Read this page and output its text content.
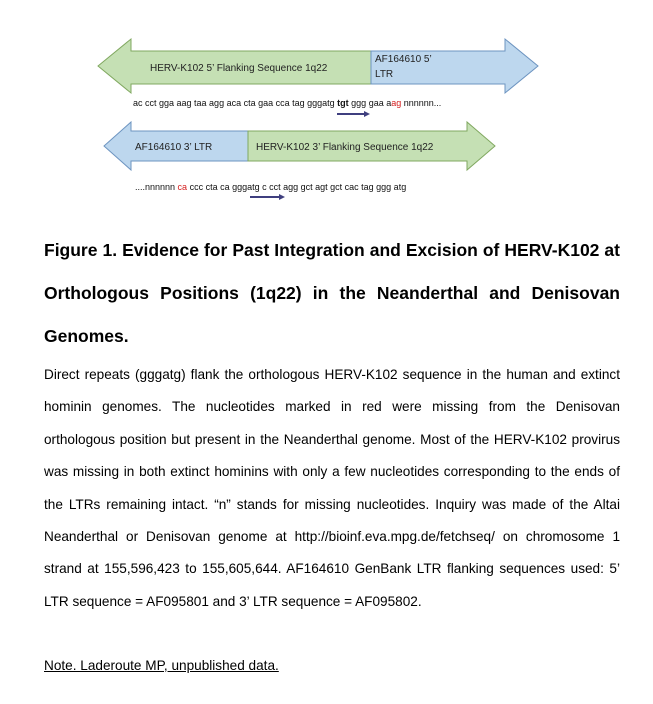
HERV-K102 5’ Flanking Sequence 1q22
AF164610 5’
LTR
ac cct gga aag taa agg aca cta gaa cca tag gggatg tgt ggg gaa aag nnnnnn...
AF164610 3’ LTR	HERV-K102 3’ Flanking Sequence 1q22
....nnnnnn ca ccc cta ca gggatg c cct agg gct agt gct cac tag ggg atg

Figure 1. Evidence for Past Integration and Excision of HERV-K102 at Orthologous Positions (1q22) in the Neanderthal and Denisovan Genomes.

Direct repeats (gggatg) flank the orthologous HERV-K102 sequence in the human and extinct hominin genomes. The nucleotides marked in red were missing from the Denisovan orthologous position but present in the Neanderthal genome. Most of the HERV-K102 provirus was missing in both extinct hominins with only a few nucleotides corresponding to the ends of the LTRs remaining intact. “n” stands for missing nucleotides. Inquiry was made of the Altai Neanderthal or Denisovan genome at http://bioinf.eva.mpg.de/fetchseq/ on chromosome 1 strand at 155,596,423 to 155,605,644. AF164610 GenBank LTR flanking sequences used: 5’ LTR sequence = AF095801 and 3’ LTR sequence = AF095802.

Note. Laderoute MP, unpublished data.
